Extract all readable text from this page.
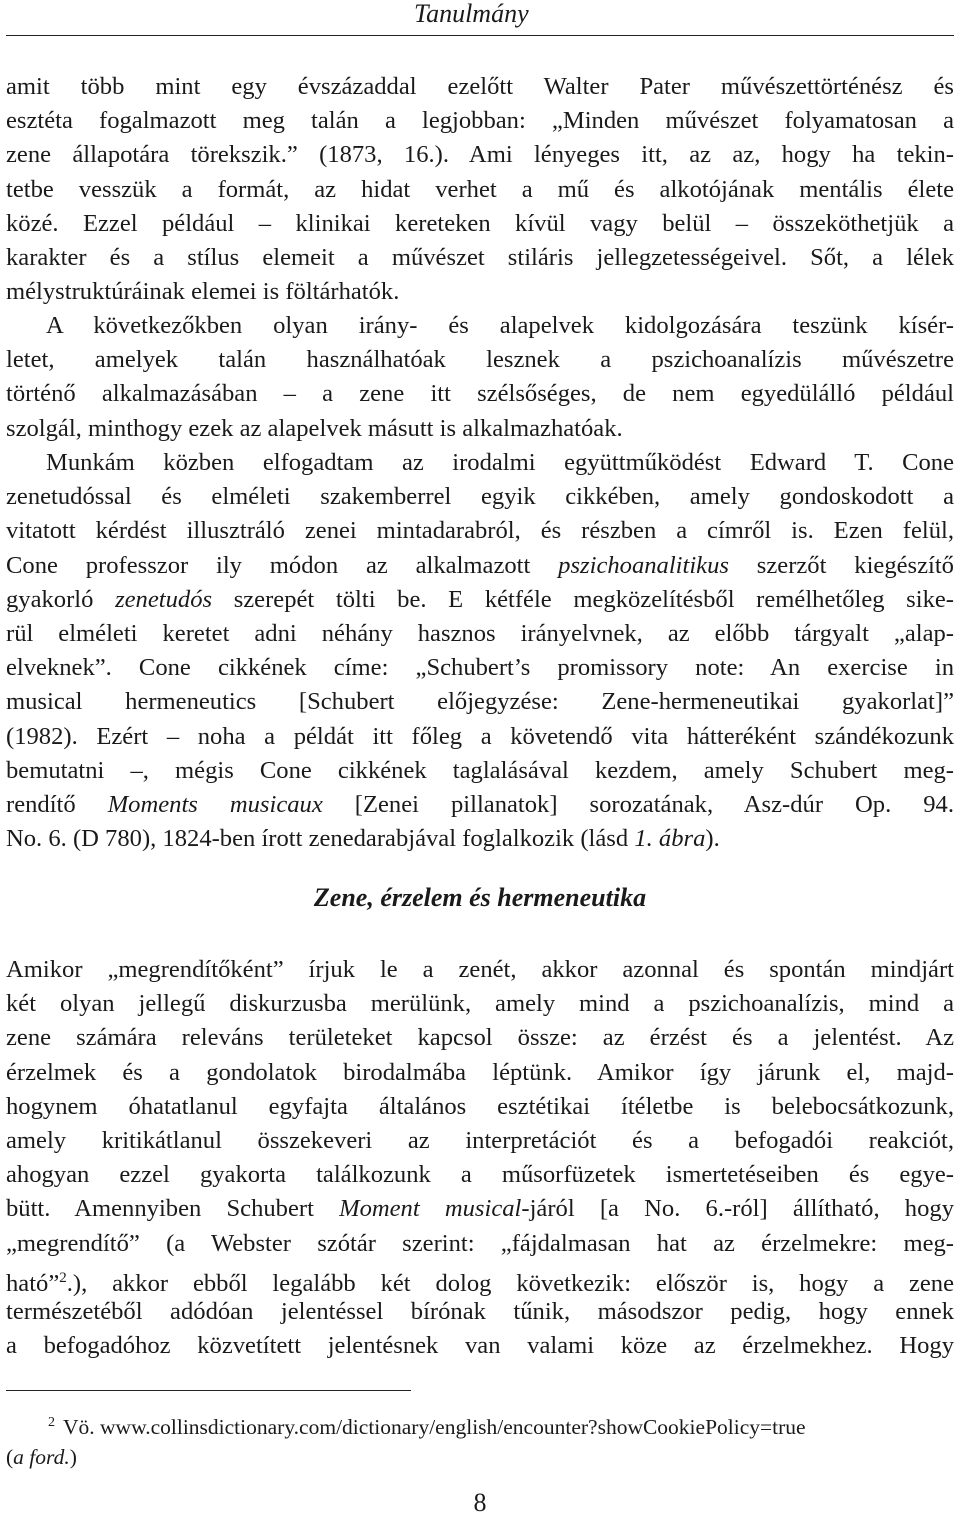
Tanulmány
amit több mint egy évszázaddal ezelőtt Walter Pater művészettörténész és
esztéta fogalmazott meg talán a legjobban: „Minden művészet folyamatosan a
zene állapotára törekszik.” (1873, 16.). Ami lényeges itt, az az, hogy ha tekin-
tetbe vesszük a formát, az hidat verhet a mű és alkotójának mentális élete
közé. Ezzel például – klinikai kereteken kívül vagy belül – összeköthetjük a
karakter és a stílus elemeit a művészet stiláris jellegzetességeivel. Sőt, a lélek
mélystruktúráinak elemei is föltárhatók.
A következőkben olyan irány- és alapelvek kidolgozására teszünk kísér-
letet, amelyek talán használhatóak lesznek a pszichoanalízis művészetre
történő alkalmazásában – a zene itt szélsőséges, de nem egyedülálló például
szolgál, minthogy ezek az alapelvek másutt is alkalmazhatóak.
Munkám közben elfogadtam az irodalmi együttműködést Edward T. Cone
zenetudóssal és elméleti szakemberrel egyik cikkében, amely gondoskodott a
vitatott kérdést illusztráló zenei mintadarabról, és részben a címről is. Ezen felül,
Cone professzor ily módon az alkalmazott pszichoanalitikus szerzőt kiegészítő
gyakorló zenetudós szerepét tölti be. E kétféle megközelítésből remélhetőleg sike-
rül elméleti keretet adni néhány hasznos irányelvnek, az előbb tárgyalt „alap-
elveknek”. Cone cikkének címe: „Schubert’s promissory note: An exercise in
musical hermeneutics [Schubert előjegyzése: Zene-hermeneutikai gyakorlat]”
(1982). Ezért – noha a példát itt főleg a követendő vita hátteréként szándékozunk
bemutatni –, mégis Cone cikkének taglalásával kezdem, amely Schubert meg-
rendítő Moments musicaux [Zenei pillanatok] sorozatának, Asz-dúr Op. 94.
No. 6. (D 780), 1824-ben írott zenedarabjával foglalkozik (lásd 1. ábra).
Zene, érzelem és hermeneutika
Amikor „megrendítőként” írjuk le a zenét, akkor azonnal és spontán mindjárt
két olyan jellegű diskurzusba merülünk, amely mind a pszichoanalízis, mind a
zene számára releváns területeket kapcsol össze: az érzést és a jelentést. Az
érzelmek és a gondolatok birodalmába léptünk. Amikor így járunk el, majd-
hogynem óhatatlanul egyfajta általános esztétikai ítéletbe is belebocsátkozunk,
amely kritikátlanul összekeveri az interpretációt és a befogadói reakciót,
ahogyan ezzel gyakorta találkozunk a műsorfüzetek ismertetéseiben és egye-
bütt. Amennyiben Schubert Moment musical-járól [a No. 6.-ról] állítható, hogy
„megrendítő” (a Webster szótár szerint: „fájdalmasan hat az érzelmekre: meg-
ható”$^2$.), akkor ebből legalább két dolog következik: először is, hogy a zene
természetéből adódóan jelentéssel bírónak tűnik, másodszor pedig, hogy ennek
a befogadóhoz közvetített jelentésnek van valami köze az érzelmekhez. Hogy
$^2$ Vö. www.collinsdictionary.com/dictionary/english/encounter?showCookiePolicy=true
(a ford.)
8
